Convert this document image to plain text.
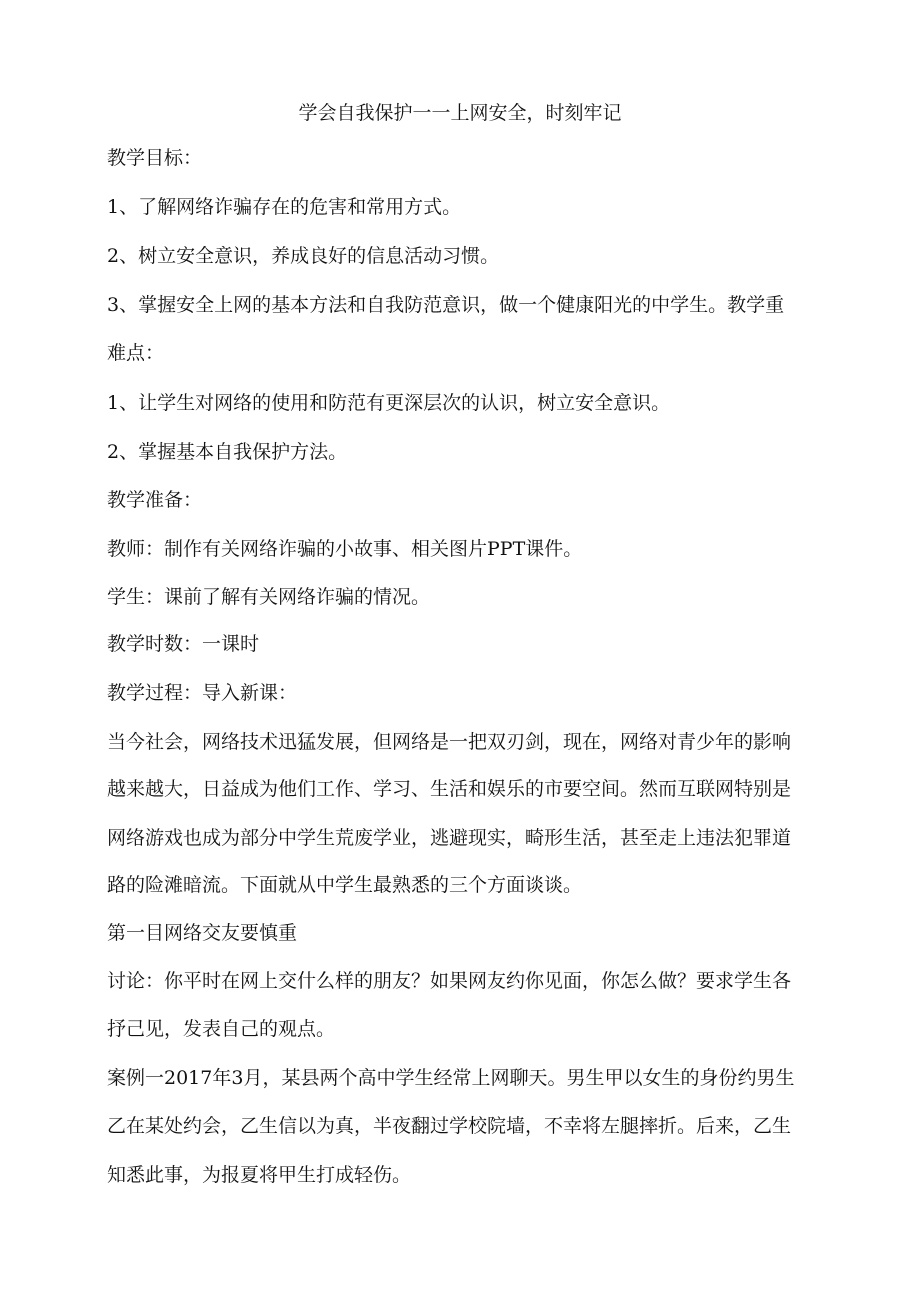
学会自我保护一一上网安全，时刻牢记
教学目标：
1、了解网络诈骗存在的危害和常用方式。
2、树立安全意识，养成良好的信息活动习惯。
3、掌握安全上网的基本方法和自我防范意识，做一个健康阳光的中学生。教学重
难点：
1、让学生对网络的使用和防范有更深层次的认识，树立安全意识。
2、掌握基本自我保护方法。
教学准备：
教师：制作有关网络诈骗的小故事、相关图片PPT课件。
学生：课前了解有关网络诈骗的情况。
教学时数：一课时
教学过程：导入新课：
当今社会，网络技术迅猛发展，但网络是一把双刃剑，现在，网络对青少年的影响
越来越大，日益成为他们工作、学习、生活和娱乐的市要空间。然而互联网特别是
网络游戏也成为部分中学生荒废学业，逃避现实，畸形生活，甚至走上违法犯罪道
路的险滩暗流。下面就从中学生最熟悉的三个方面谈谈。
第一目网络交友要慎重
讨论：你平时在网上交什么样的朋友？如果网友约你见面，你怎么做？要求学生各
抒己见，发表自己的观点。
案例一2017年3月，某县两个高中学生经常上网聊天。男生甲以女生的身份约男生
乙在某处约会，乙生信以为真，半夜翻过学校院墙，不幸将左腿摔折。后来，乙生
知悉此事，为报夏将甲生打成轻伤。
